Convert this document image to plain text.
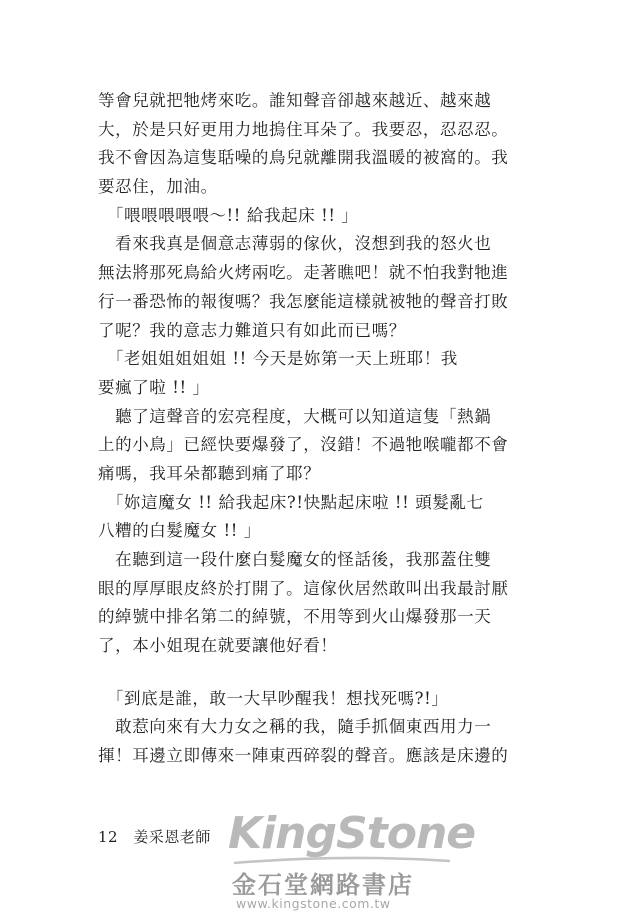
等會兒就把牠烤來吃。誰知聲音卻越來越近、越來越
大，於是只好更用力地摀住耳朵了。我要忍，忍忍忍。
我不會因為這隻聒噪的鳥兒就離開我溫暖的被窩的。我
要忍住，加油。
　「喂喂喂喂喂～!! 給我起床 !! 」
　看來我真是個意志薄弱的傢伙，沒想到我的怒火也
無法將那死鳥給火烤兩吃。走著瞧吧！就不怕我對牠進
行一番恐怖的報復嗎？我怎麼能這樣就被牠的聲音打敗
了呢？我的意志力難道只有如此而已嗎？
　「老姐姐姐姐姐 !! 今天是妳第一天上班耶！我
要瘋了啦 !! 」
　聽了這聲音的宏亮程度，大概可以知道這隻「熱鍋
上的小鳥」已經快要爆發了，沒錯！不過牠喉嚨都不會
痛嗎，我耳朵都聽到痛了耶？
　「妳這魔女 !! 給我起床?!快點起床啦 !! 頭髮亂七
八糟的白髮魔女 !! 」
　在聽到這一段什麼白髮魔女的怪話後，我那蓋住雙
眼的厚厚眼皮終於打開了。這傢伙居然敢叫出我最討厭
的綽號中排名第二的綽號，不用等到火山爆發那一天
了，本小姐現在就要讓他好看！
　「到底是誰，敢一大早吵醒我！想找死嗎?!」
　敢惹向來有大力女之稱的我，隨手抓個東西用力一
揮！耳邊立即傳來一陣東西碎裂的聲音。應該是床邊的
12 姜采恩老師 KingStone
金石堂網路書店
www.kingstone.com.tw
